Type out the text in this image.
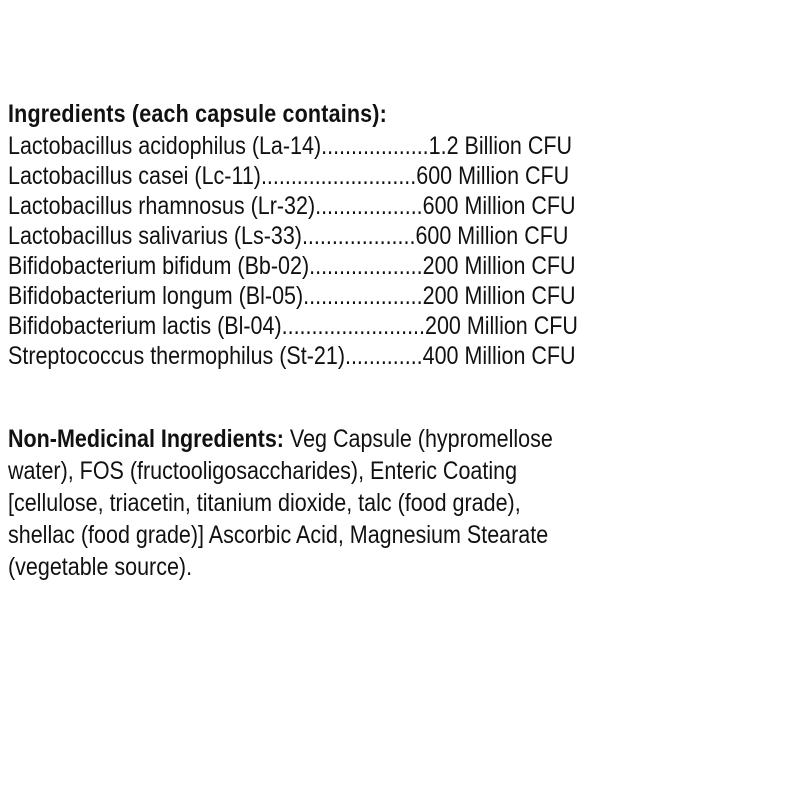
Ingredients (each capsule contains):
Lactobacillus acidophilus (La-14)..................1.2 Billion CFU
Lactobacillus casei (Lc-11)..........................600 Million CFU
Lactobacillus rhamnosus (Lr-32)..................600 Million CFU
Lactobacillus salivarius (Ls-33)...................600 Million CFU
Bifidobacterium bifidum (Bb-02)...................200 Million CFU
Bifidobacterium longum (Bl-05)....................200 Million CFU
Bifidobacterium lactis (Bl-04)........................200 Million CFU
Streptococcus thermophilus (St-21).............400 Million CFU
Non-Medicinal Ingredients: Veg Capsule (hypromellose
water), FOS (fructooligosaccharides), Enteric Coating
[cellulose, triacetin, titanium dioxide, talc (food grade),
shellac (food grade)] Ascorbic Acid, Magnesium Stearate
(vegetable source).
